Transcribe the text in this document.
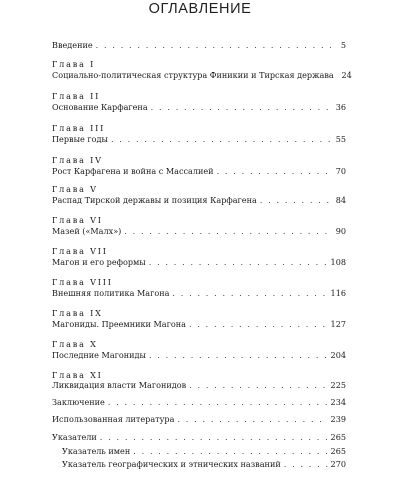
ОГЛАВЛЕНИЕ
Введение . . .	5
Глава I
Социально-политическая структура Финикии и Тирская держава 24
Глава II
Основание Карфагена . . .	36
Глава III
Первые годы . . .	55
Глава IV
Рост Карфагена и война с Массалией . . .	70
Глава V
Распад Тирской державы и позиция Карфагена . . .	84
Глава VI
Мазей («Малх») . . .	90
Глава VII
Магон и его реформы . . .	108
Глава VIII
Внешняя политика Магона . . .	116
Глава IX
Магониды. Преемники Магона . . .	127
Глава X
Последние Магониды . . .	204
Глава XI
Ликвидация власти Магонидов . . .	225
Заключение . . .	234
Использованная литература . . .	239
Указатели . . .	265
Указатель имен . . .	265
Указатель географических и этнических названий . . .	270
